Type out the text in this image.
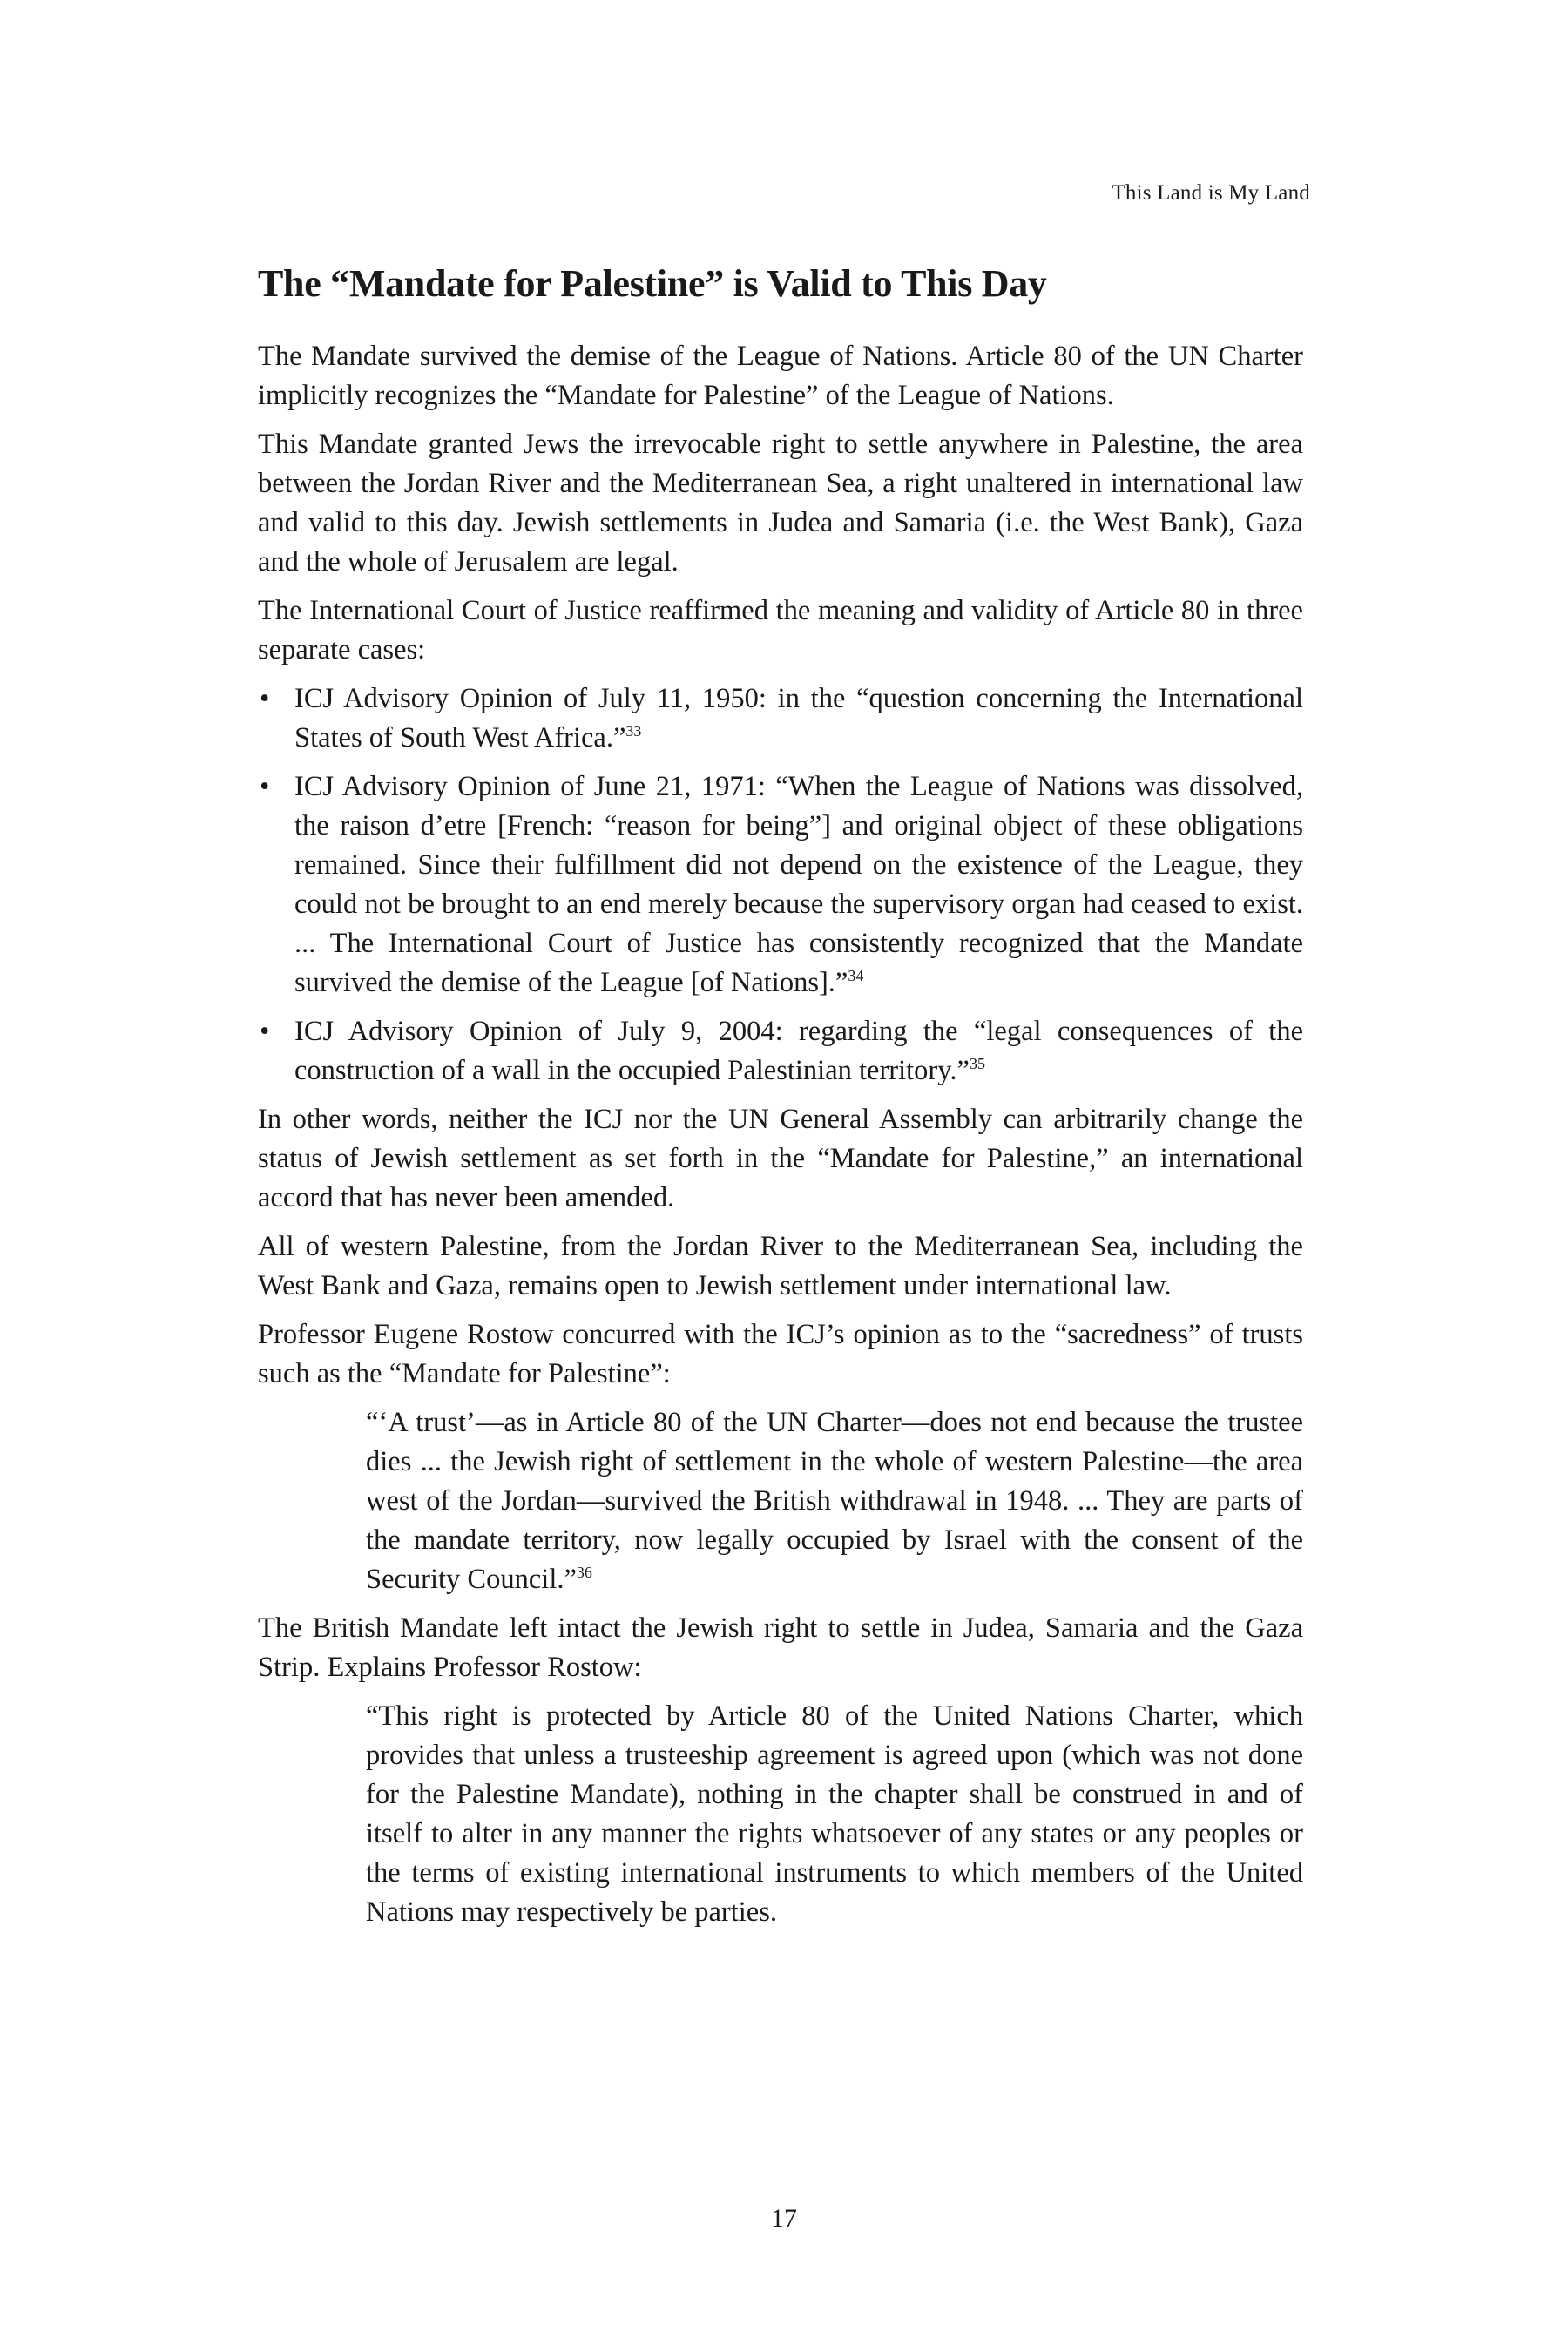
This Land is My Land
The “Mandate for Palestine” is Valid to This Day

The Mandate survived the demise of the League of Nations. Article 80 of the UN Charter implicitly recognizes the “Mandate for Palestine” of the League of Nations.

This Mandate granted Jews the irrevocable right to settle anywhere in Palestine, the area between the Jordan River and the Mediterranean Sea, a right unaltered in international law and valid to this day. Jewish settlements in Judea and Samaria (i.e. the West Bank), Gaza and the whole of Jerusalem are legal.

The International Court of Justice reaffirmed the meaning and validity of Article 80 in three separate cases:

• ICJ Advisory Opinion of July 11, 1950: in the “question concerning the International States of South West Africa.”$^{33}$
• ICJ Advisory Opinion of June 21, 1971: “When the League of Nations was dissolved, the raison d’etre [French: “reason for being”] and original object of these obligations remained. Since their fulfillment did not depend on the existence of the League, they could not be brought to an end merely because the supervisory organ had ceased to exist. ... The International Court of Justice has consistently recognized that the Mandate survived the demise of the League [of Nations].”$^{34}$
• ICJ Advisory Opinion of July 9, 2004: regarding the “legal consequences of the construction of a wall in the occupied Palestinian territory.”$^{35}$

In other words, neither the ICJ nor the UN General Assembly can arbitrarily change the status of Jewish settlement as set forth in the “Mandate for Palestine,” an international accord that has never been amended.

All of western Palestine, from the Jordan River to the Mediterranean Sea, including the West Bank and Gaza, remains open to Jewish settlement under international law.

Professor Eugene Rostow concurred with the ICJ’s opinion as to the “sacredness” of trusts such as the “Mandate for Palestine”:

“‘A trust’—as in Article 80 of the UN Charter—does not end because the trustee dies ... the Jewish right of settlement in the whole of western Palestine—the area west of the Jordan—survived the British withdrawal in 1948. ... They are parts of the mandate territory, now legally occupied by Israel with the consent of the Security Council.”$^{36}$

The British Mandate left intact the Jewish right to settle in Judea, Samaria and the Gaza Strip. Explains Professor Rostow:

“This right is protected by Article 80 of the United Nations Charter, which provides that unless a trusteeship agreement is agreed upon (which was not done for the Palestine Mandate), nothing in the chapter shall be construed in and of itself to alter in any manner the rights whatsoever of any states or any peoples or the terms of existing international instruments to which members of the United Nations may respectively be parties.
17
